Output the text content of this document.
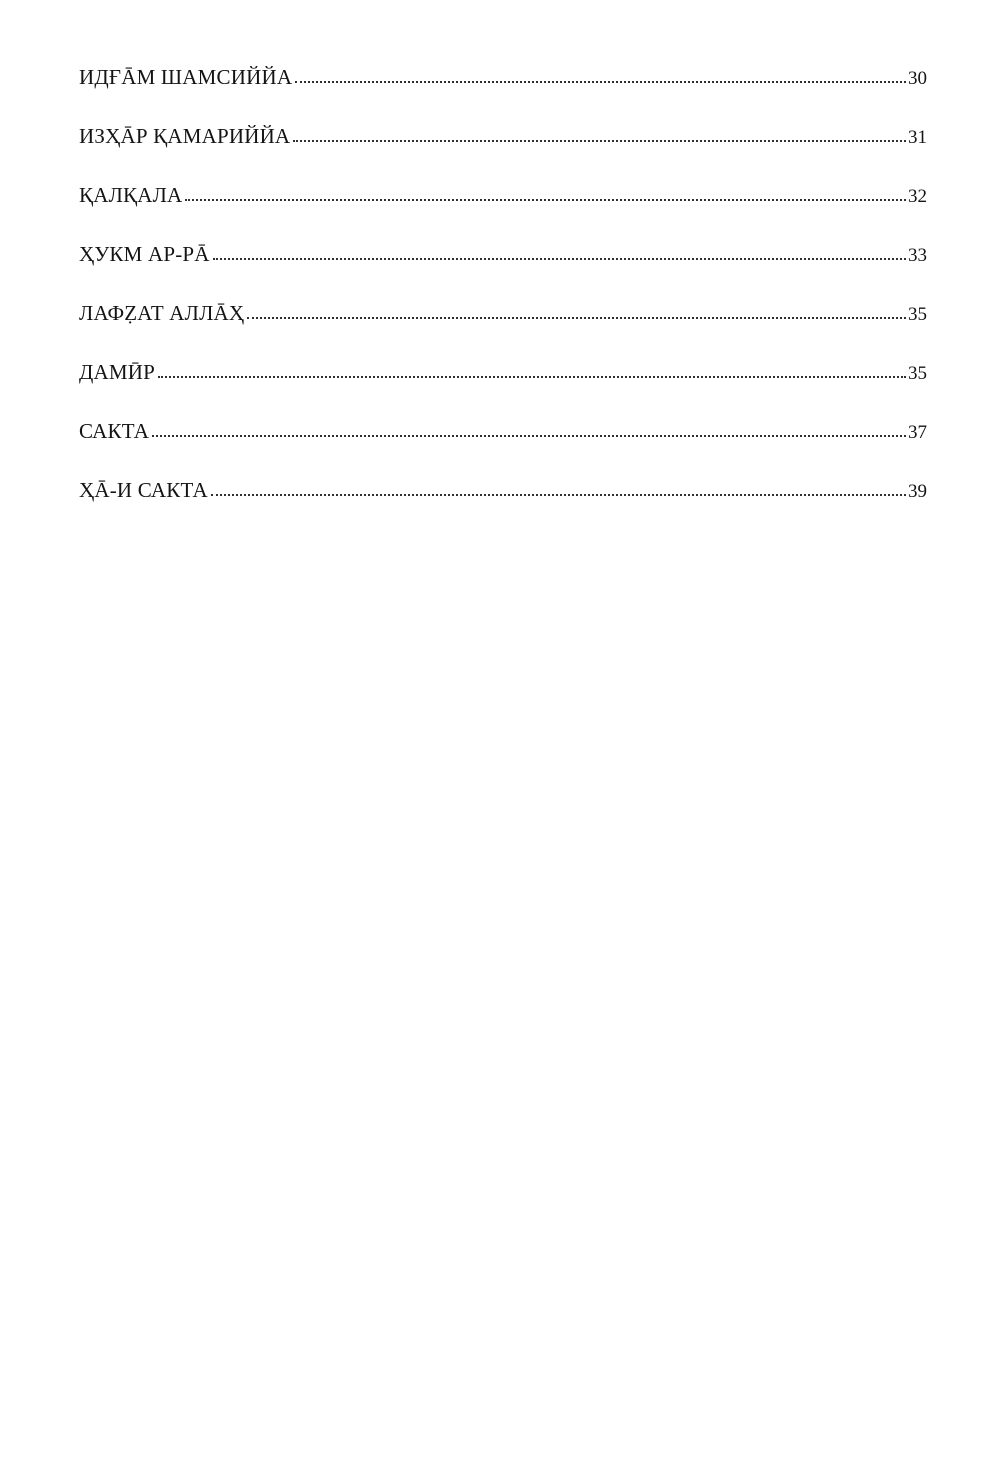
ИДҒĀМ ШАМСИЙЙА	30
ИЗҲĀР ҚАМАРИЙЙА	31
ҚАЛҚАЛА	32
ҲУКМ АР-РĀ	33
ЛАФẒАТ АЛЛĀҲ	35
ДАМӢР	35
САКТА	37
ҲĀ-И САКТА	39
